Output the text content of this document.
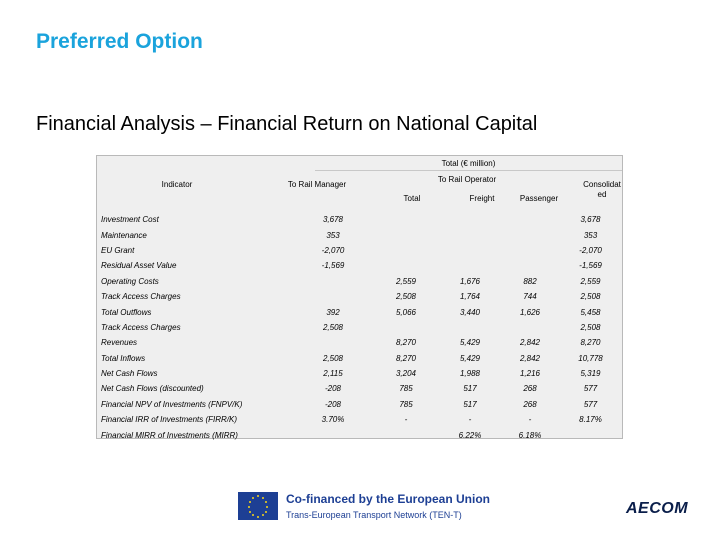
Preferred Option
Financial Analysis – Financial Return on National Capital
Total (€ million)
Indicator	To Rail Manager
To Rail Operator
Consolidat ed
Total	Freight	Passenger
Investment Cost	3,678				3,678
Maintenance	353				353
EU Grant	-2,070				-2,070
Residual Asset Value	-1,569				-1,569
Operating Costs		2,559	1,676	882	2,559
Track Access Charges		2,508	1,764	744	2,508
Total Outflows	392	5,066	3,440	1,626	5,458
Track Access Charges	2,508				2,508
Revenues		8,270	5,429	2,842	8,270
Total Inflows	2,508	8,270	5,429	2,842	10,778
Net Cash Flows	2,115	3,204	1,988	1,216	5,319
Net Cash Flows (discounted)	-208	785	517	268	577
Financial NPV of Investments (FNPV/K)	-208	785	517	268	577
Financial IRR of Investments (FIRR/K)	3.70%	-	-	-	8.17%
Financial MIRR of Investments (MIRR)			6.22%	6.18%	
Co-financed by the European Union
Trans-European Transport Network (TEN-T)	AECOM
